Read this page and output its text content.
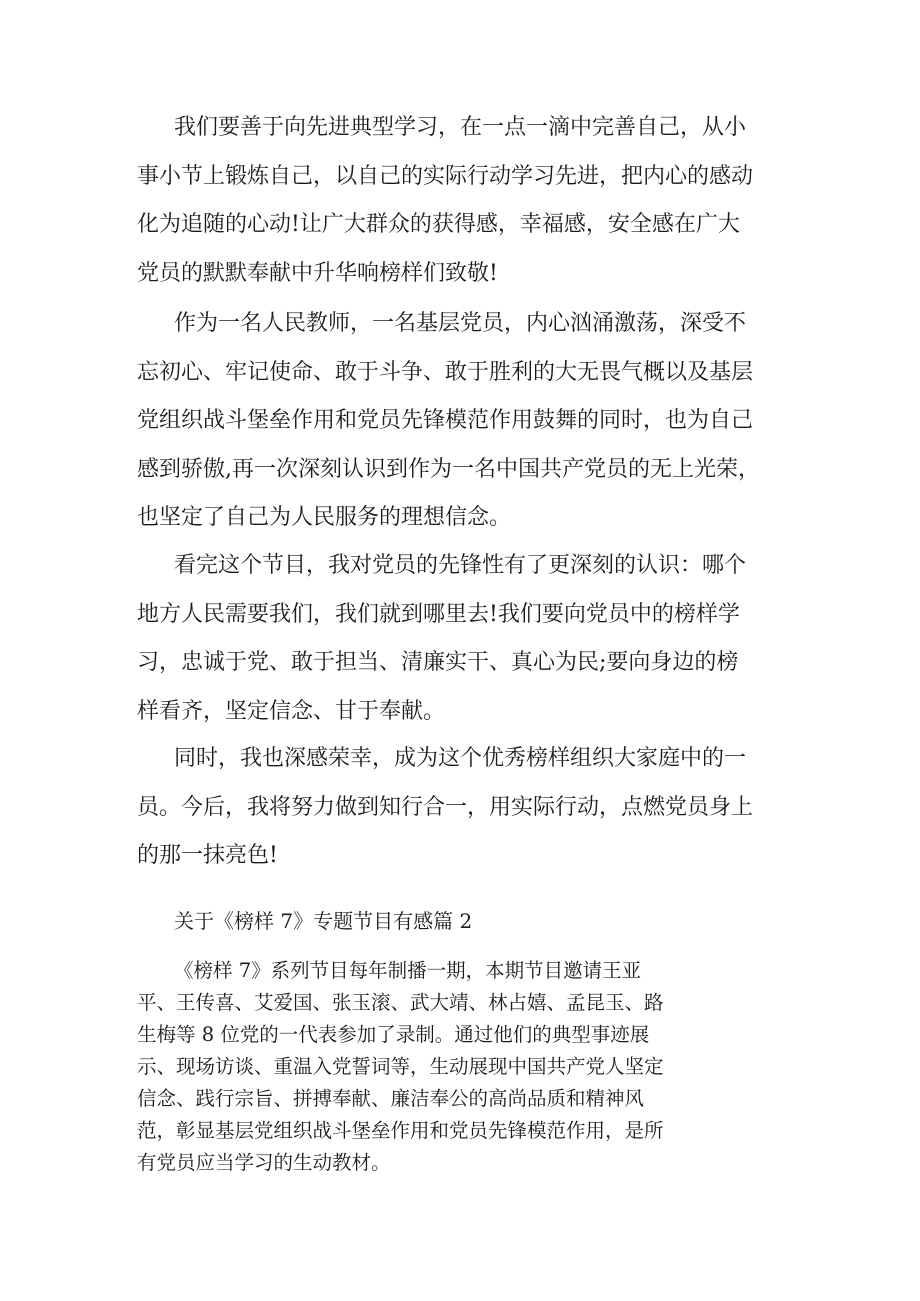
我们要善于向先进典型学习，在一点一滴中完善自己，从小
事小节上锻炼自己，以自己的实际行动学习先进，把内心的感动
化为追随的心动!让广大群众的获得感，幸福感，安全感在广大
党员的默默奉献中升华响榜样们致敬!
作为一名人民教师，一名基层党员，内心汹涌激荡，深受不
忘初心、牢记使命、敢于斗争、敢于胜利的大无畏气概以及基层
党组织战斗堡垒作用和党员先锋模范作用鼓舞的同时，也为自己
感到骄傲,再一次深刻认识到作为一名中国共产党员的无上光荣，
也坚定了自己为人民服务的理想信念。
看完这个节目，我对党员的先锋性有了更深刻的认识：哪个
地方人民需要我们，我们就到哪里去!我们要向党员中的榜样学
习，忠诚于党、敢于担当、清廉实干、真心为民;要向身边的榜
样看齐，坚定信念、甘于奉献。
同时，我也深感荣幸，成为这个优秀榜样组织大家庭中的一
员。今后，我将努力做到知行合一，用实际行动，点燃党员身上
的那一抹亮色!
关于《榜样 7》专题节目有感篇 2
《榜样 7》系列节目每年制播一期，本期节目邀请王亚
平、王传喜、艾爱国、张玉滚、武大靖、林占嬉、孟昆玉、路
生梅等 8 位党的一代表参加了录制。通过他们的典型事迹展
示、现场访谈、重温入党誓词等，生动展现中国共产党人坚定
信念、践行宗旨、拼搏奉献、廉洁奉公的高尚品质和精神风
范，彰显基层党组织战斗堡垒作用和党员先锋模范作用，是所
有党员应当学习的生动教材。
